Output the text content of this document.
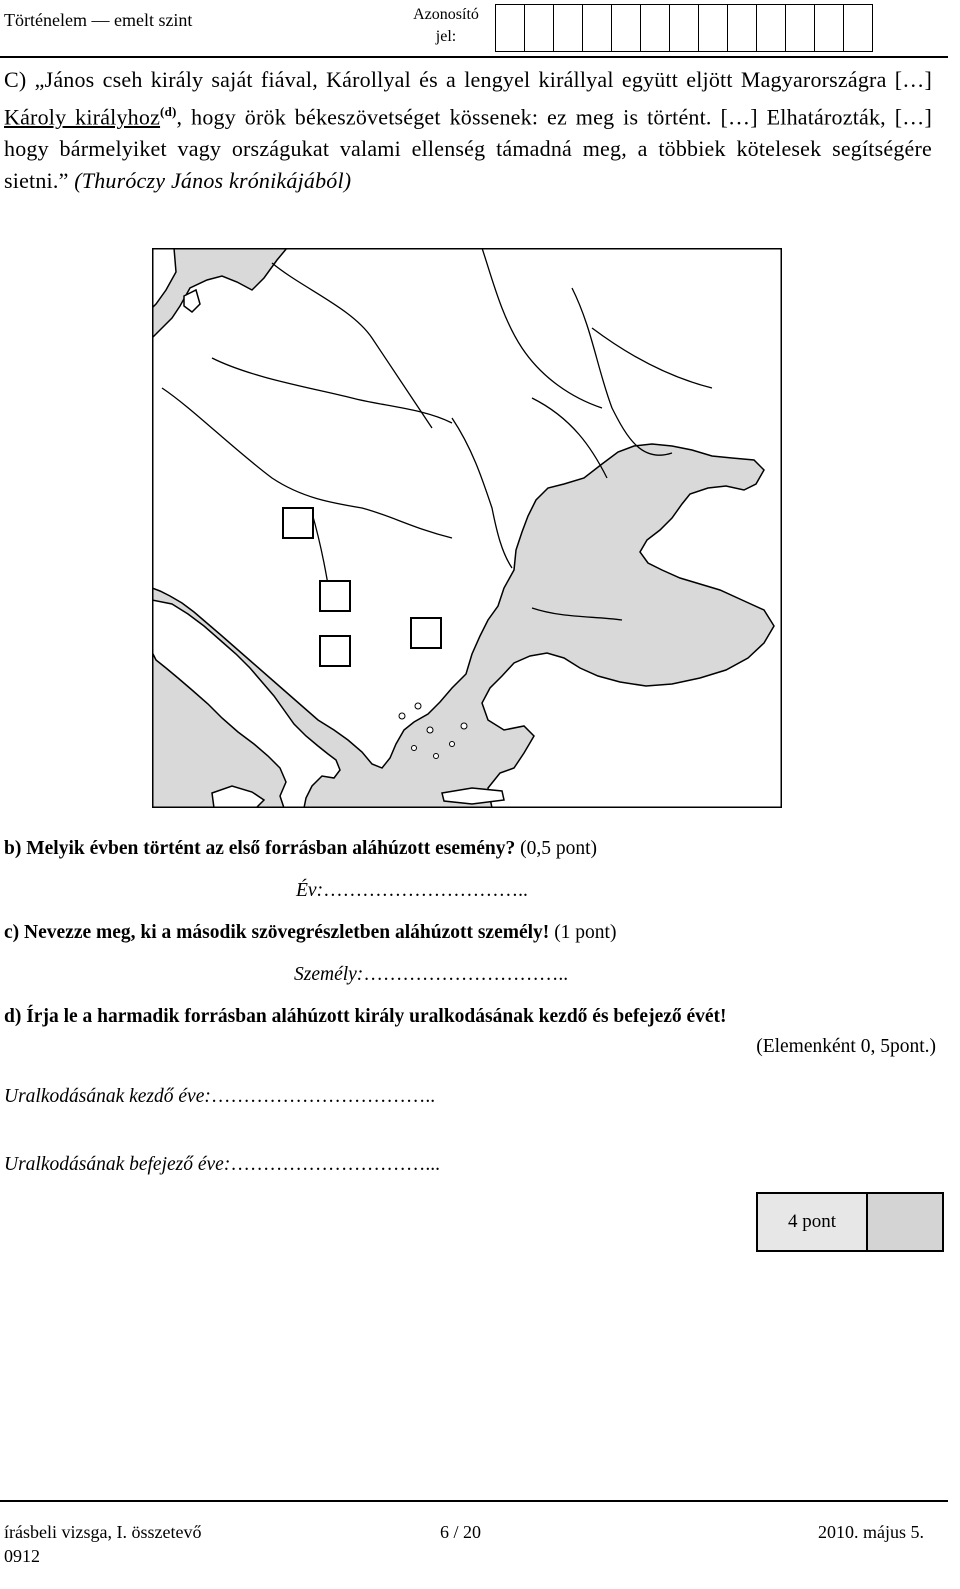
Történelem — emelt szint	Azonosító jel:
C) „János cseh király saját fiával, Károllyal és a lengyel királlyal együtt eljött Magyarországra […] Károly királyhoz$^{(d)}$, hogy örök békeszövetséget kössenek: ez meg is történt. […] Elhatározták, […] hogy bármelyiket vagy országukat valami ellenség támadná meg, a többiek kötelesek segítségére sietni.” (Thuróczy János krónikájából)
b) Melyik évben történt az első forrásban aláhúzott esemény? (0,5 pont)
Év:…………………………..
c) Nevezze meg, ki a második szövegrészletben aláhúzott személy! (1 pont)
Személy:…………………………..
d) Írja le a harmadik forrásban aláhúzott király uralkodásának kezdő és befejező évét!
(Elemenként 0, 5pont.)
Uralkodásának kezdő éve:……………………………..
Uralkodásának befejező éve:…………………………...
4 pont
írásbeli vizsga, I. összetevő
0912
6 / 20	2010. május 5.
